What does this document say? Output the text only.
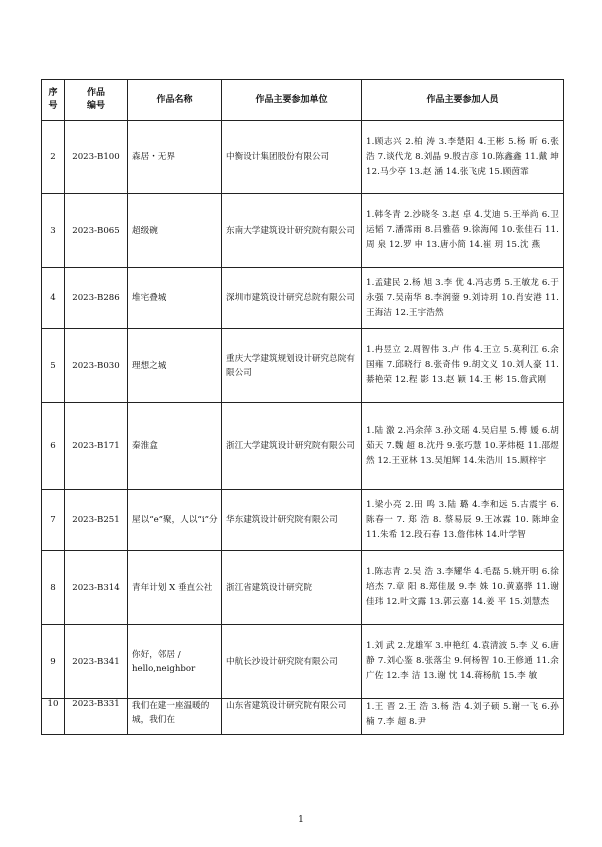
序号	作品编号	作品名称	作品主要参加单位	作品主要参加人员
2	2023-B100	森居・无界	中衡设计集团股份有限公司	1.顾志兴 2.柏 涛 3.李楚阳 4.王彬 5.杨 昕 6.张 浩 7.谈代龙 8.刘晶 9.殷吉彦 10.陈鑫鑫 11.戴 坤 12.马少亭 13.赵 涵 14.张飞虎 15.顾茵霏
3	2023-B065	超级碗	东南大学建筑设计研究院有限公司	1.韩冬青 2.沙晓冬 3.赵 卓 4.艾迪 5.王举尚 6.卫运韬 7.潘霈雨 8.吕雅蓓 9.徐海闻 10.张佳石 11.周 泉 12.罗 申 13.唐小简 14.崔 玥 15.沈 燕
4	2023-B286	堆宅叠城	深圳市建筑设计研究总院有限公司	1.孟建民 2.杨 旭 3.李 优 4.冯志勇 5.王敏龙 6.于永强 7.吴南华 8.李润蓥 9.刘诗玥 10.肖安港 11.王海洁 12.王宇浩然
5	2023-B030	理想之城	重庆大学建筑规划设计研究总院有限公司	1.冉昱立 2.周智伟 3.卢 伟 4.王立 5.莫利江 6.余国雍 7.邱晓行 8.张奇伟 9.胡文义 10.刘人豪 11.綦艳荣 12.程 影 13.赵 颖 14.王 彬 15.詹武刚
6	2023-B171	秦淮盒	浙江大学建筑设计研究院有限公司	1.陆 激 2.冯余萍 3.孙文瑶 4.吴启星 5.傅 媛 6.胡茹天 7.魏 超 8.沈丹 9.张巧慧 10.茅炜梃 11.邵煜然 12.王亚林 13.吴旭辉 14.朱浩川 15.顾梓宇
7	2023-B251	屋以“e”聚，人以“i”分	华东建筑设计研究院有限公司	1.梁小亮 2.田 鸣 3.陆 璐 4.李和远 5.古震宇 6. 陈春一 7. 郑 浩 8. 蔡易辰 9.王冰霖 10. 陈坤金 11.朱希 12.段石春 13.詹伟林 14.叶学智
8	2023-B314	青年计划 X 垂直公社	浙江省建筑设计研究院	1.陈志青 2.吴 浩 3.李耀华 4.毛磊 5.姚开明 6.徐培杰 7.章 阳 8.郑佳晟 9.李 姝 10.黄嘉骅 11.谢佳玮 12.叶文露 13.郭云嘉 14.姜 平 15.刘慧杰
9	2023-B341	你好，邻居 / hello,neighbor	中航长沙设计研究院有限公司	1.刘 武 2.龙雄军 3.申艳红 4.袁清波 5.李 义 6.唐 静 7.刘心鉴 8.张落尘 9.何杨智 10.王修通 11.余广佐 12.李 洁 13.谢 忱 14.蒋杨航 15.李 敏
10	2023-B331	我们在建一座温暖的城，我们在	山东省建筑设计研究院有限公司	1.王 晋 2.王 浩 3.杨 浩 4.刘子硕 5.谢一飞 6.孙 楠 7.李 超 8.尹
1
